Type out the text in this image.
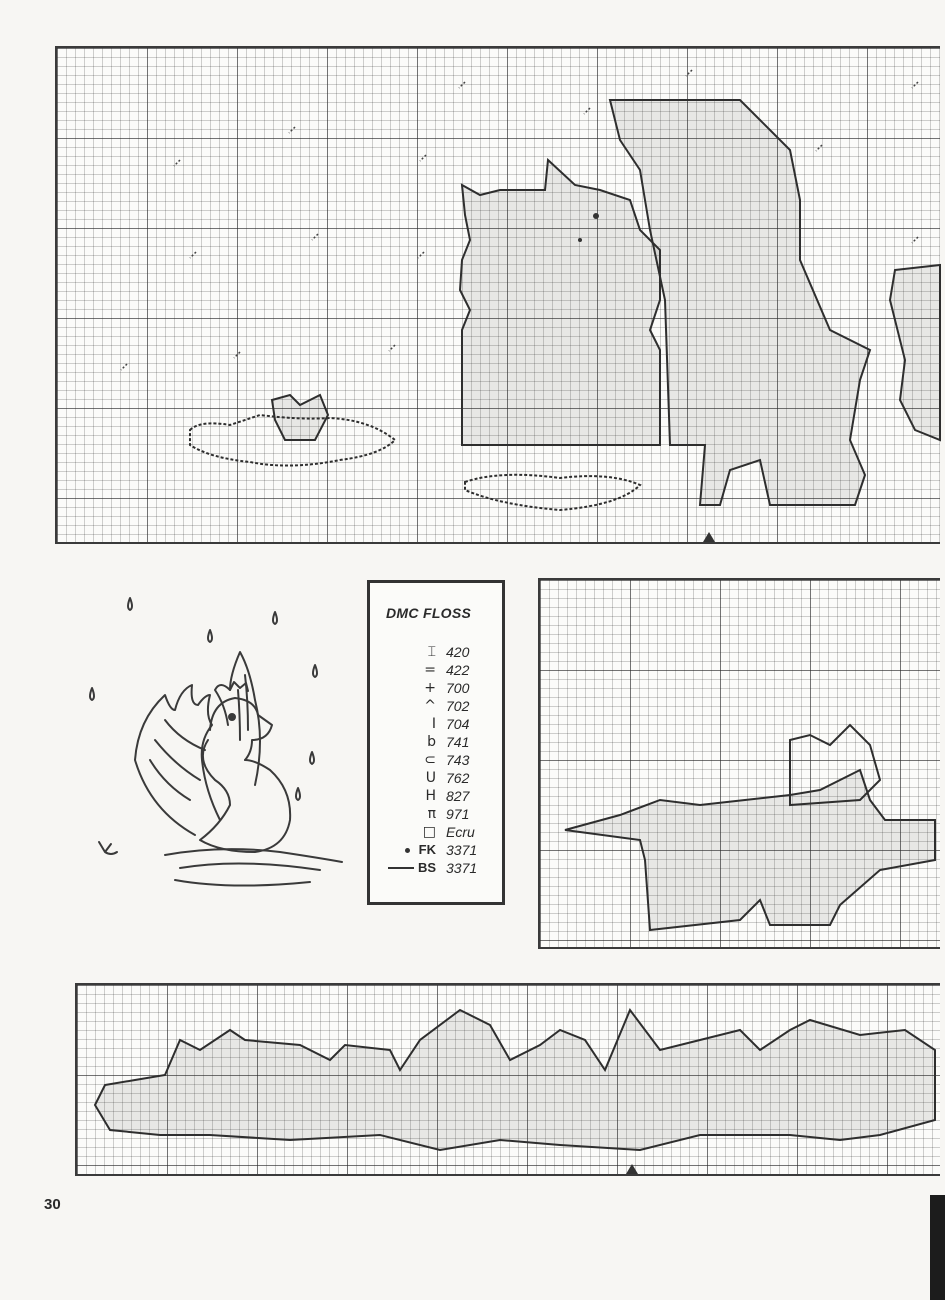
DMC FLOSS
⌶ 420
= 422
+ 700
^ 702
I 704
b 741
⊂ 743
U 762
H 827
π 971
□ Ecru
FK 3371
BS 3371
30
